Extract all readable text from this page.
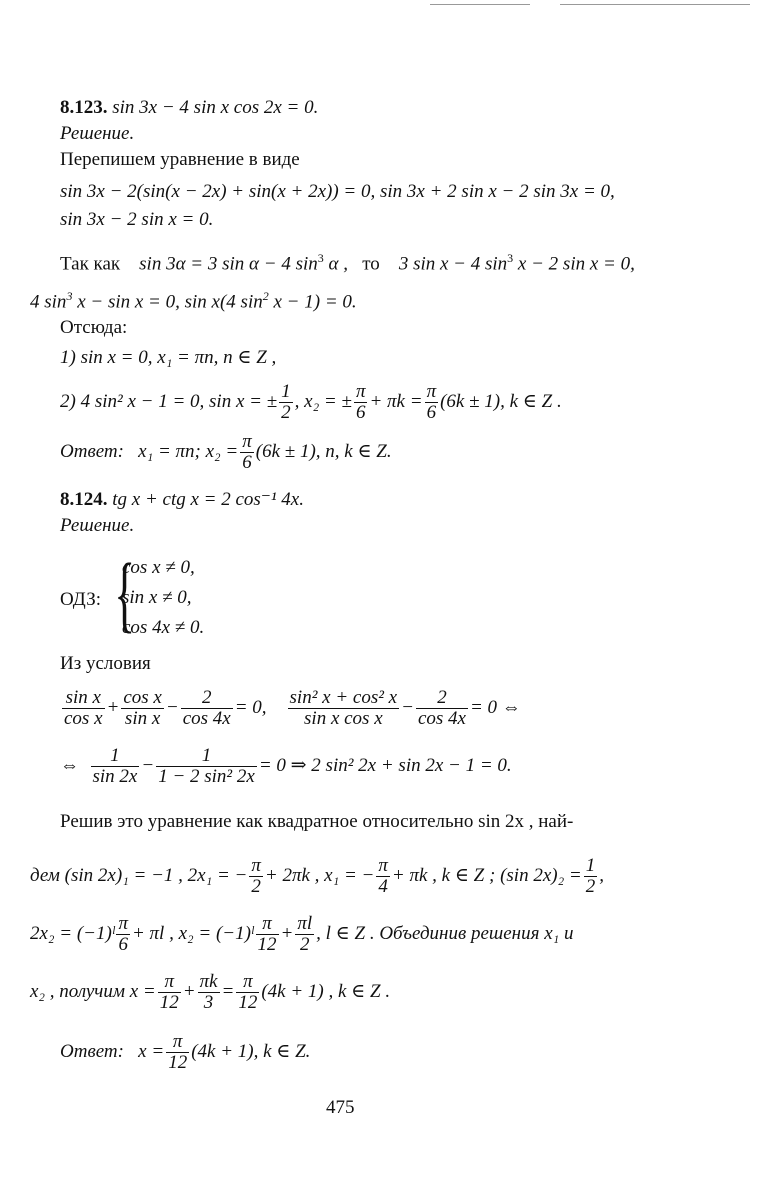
8.123. sin 3x − 4 sin x cos 2x = 0.
Решение.
Перепишем уравнение в виде
sin 3x − 2(sin(x − 2x) + sin(x + 2x)) = 0, sin 3x + 2 sin x − 2 sin 3x = 0,
sin 3x − 2 sin x = 0.
Так как sin 3α = 3 sin α − 4 $\sin^3 \alpha$ , то 3 sin x − 4 $\sin^3 x - 2$ sin x = 0,
4 $\sin^3 x - \sin x = 0$, sin x(4 $\sin^2 x - 1) = 0$.
Отсюда:
1) sin x = 0, x₁ = πn, n ∈ Z ,
2) 4 sin² x − 1 = 0, sin x = ± $\frac{1}{2}$ , x₂ = ± $\frac{\pi}{6} + \pi k = \frac{\pi}{6} (6k \pm 1)$, k ∈ Z .
Ответ: x₁ = πn; $x_2 = \frac{\pi}{6} (6k \pm 1)$, n, k ∈ Z.
8.124. tg x + ctg x = 2 cos⁻¹ 4x.
Решение.
ОДЗ: {
cos x ≠ 0,
sin x ≠ 0,
cos 4x ≠ 0.
Из условия
$\frac{\text{sin x}}{\text{cos x}} + \frac{\text{cos x}}{\text{sin x}} - \frac{2}{\cos 4x} = 0$, $\frac{\text{sin² x + cos² x}}{\text{sin x cos x}} - \frac{2}{\cos 4x} = 0$ ⇔
⇔ $\frac{1}{\sin 2x} - \frac{1}{\text{1 − 2 sin² 2x}} = 0$ ⇒ 2 sin² 2x + sin 2x − 1 = 0.
Решив это уравнение как квадратное относительно sin 2x , най-
дем (sin 2x)₁ = −1 , 2x₁ = − $\frac{\pi}{2} + 2\pi k$ , x₁ = − $\frac{\pi}{4} + \pi k$ , k ∈ Z ; (sin $2x)_2 = \frac{1}{2}$ ,
2x₂ = (−1)ˡ $\frac{\pi}{6} + \pi l$ , x₂ = (−1)ˡ $\frac{\pi}{12} + \frac{\pi l}{2}$ , l ∈ Z . Объединив решения x₁ и
x₂ , получим $x = \frac{\pi}{12} + \frac{\pi k}{3} = \frac{\pi}{12} (4k + 1)$ , k ∈ Z .
Ответ: $x = \frac{\pi}{12} (4k + 1)$, k ∈ Z.
475
